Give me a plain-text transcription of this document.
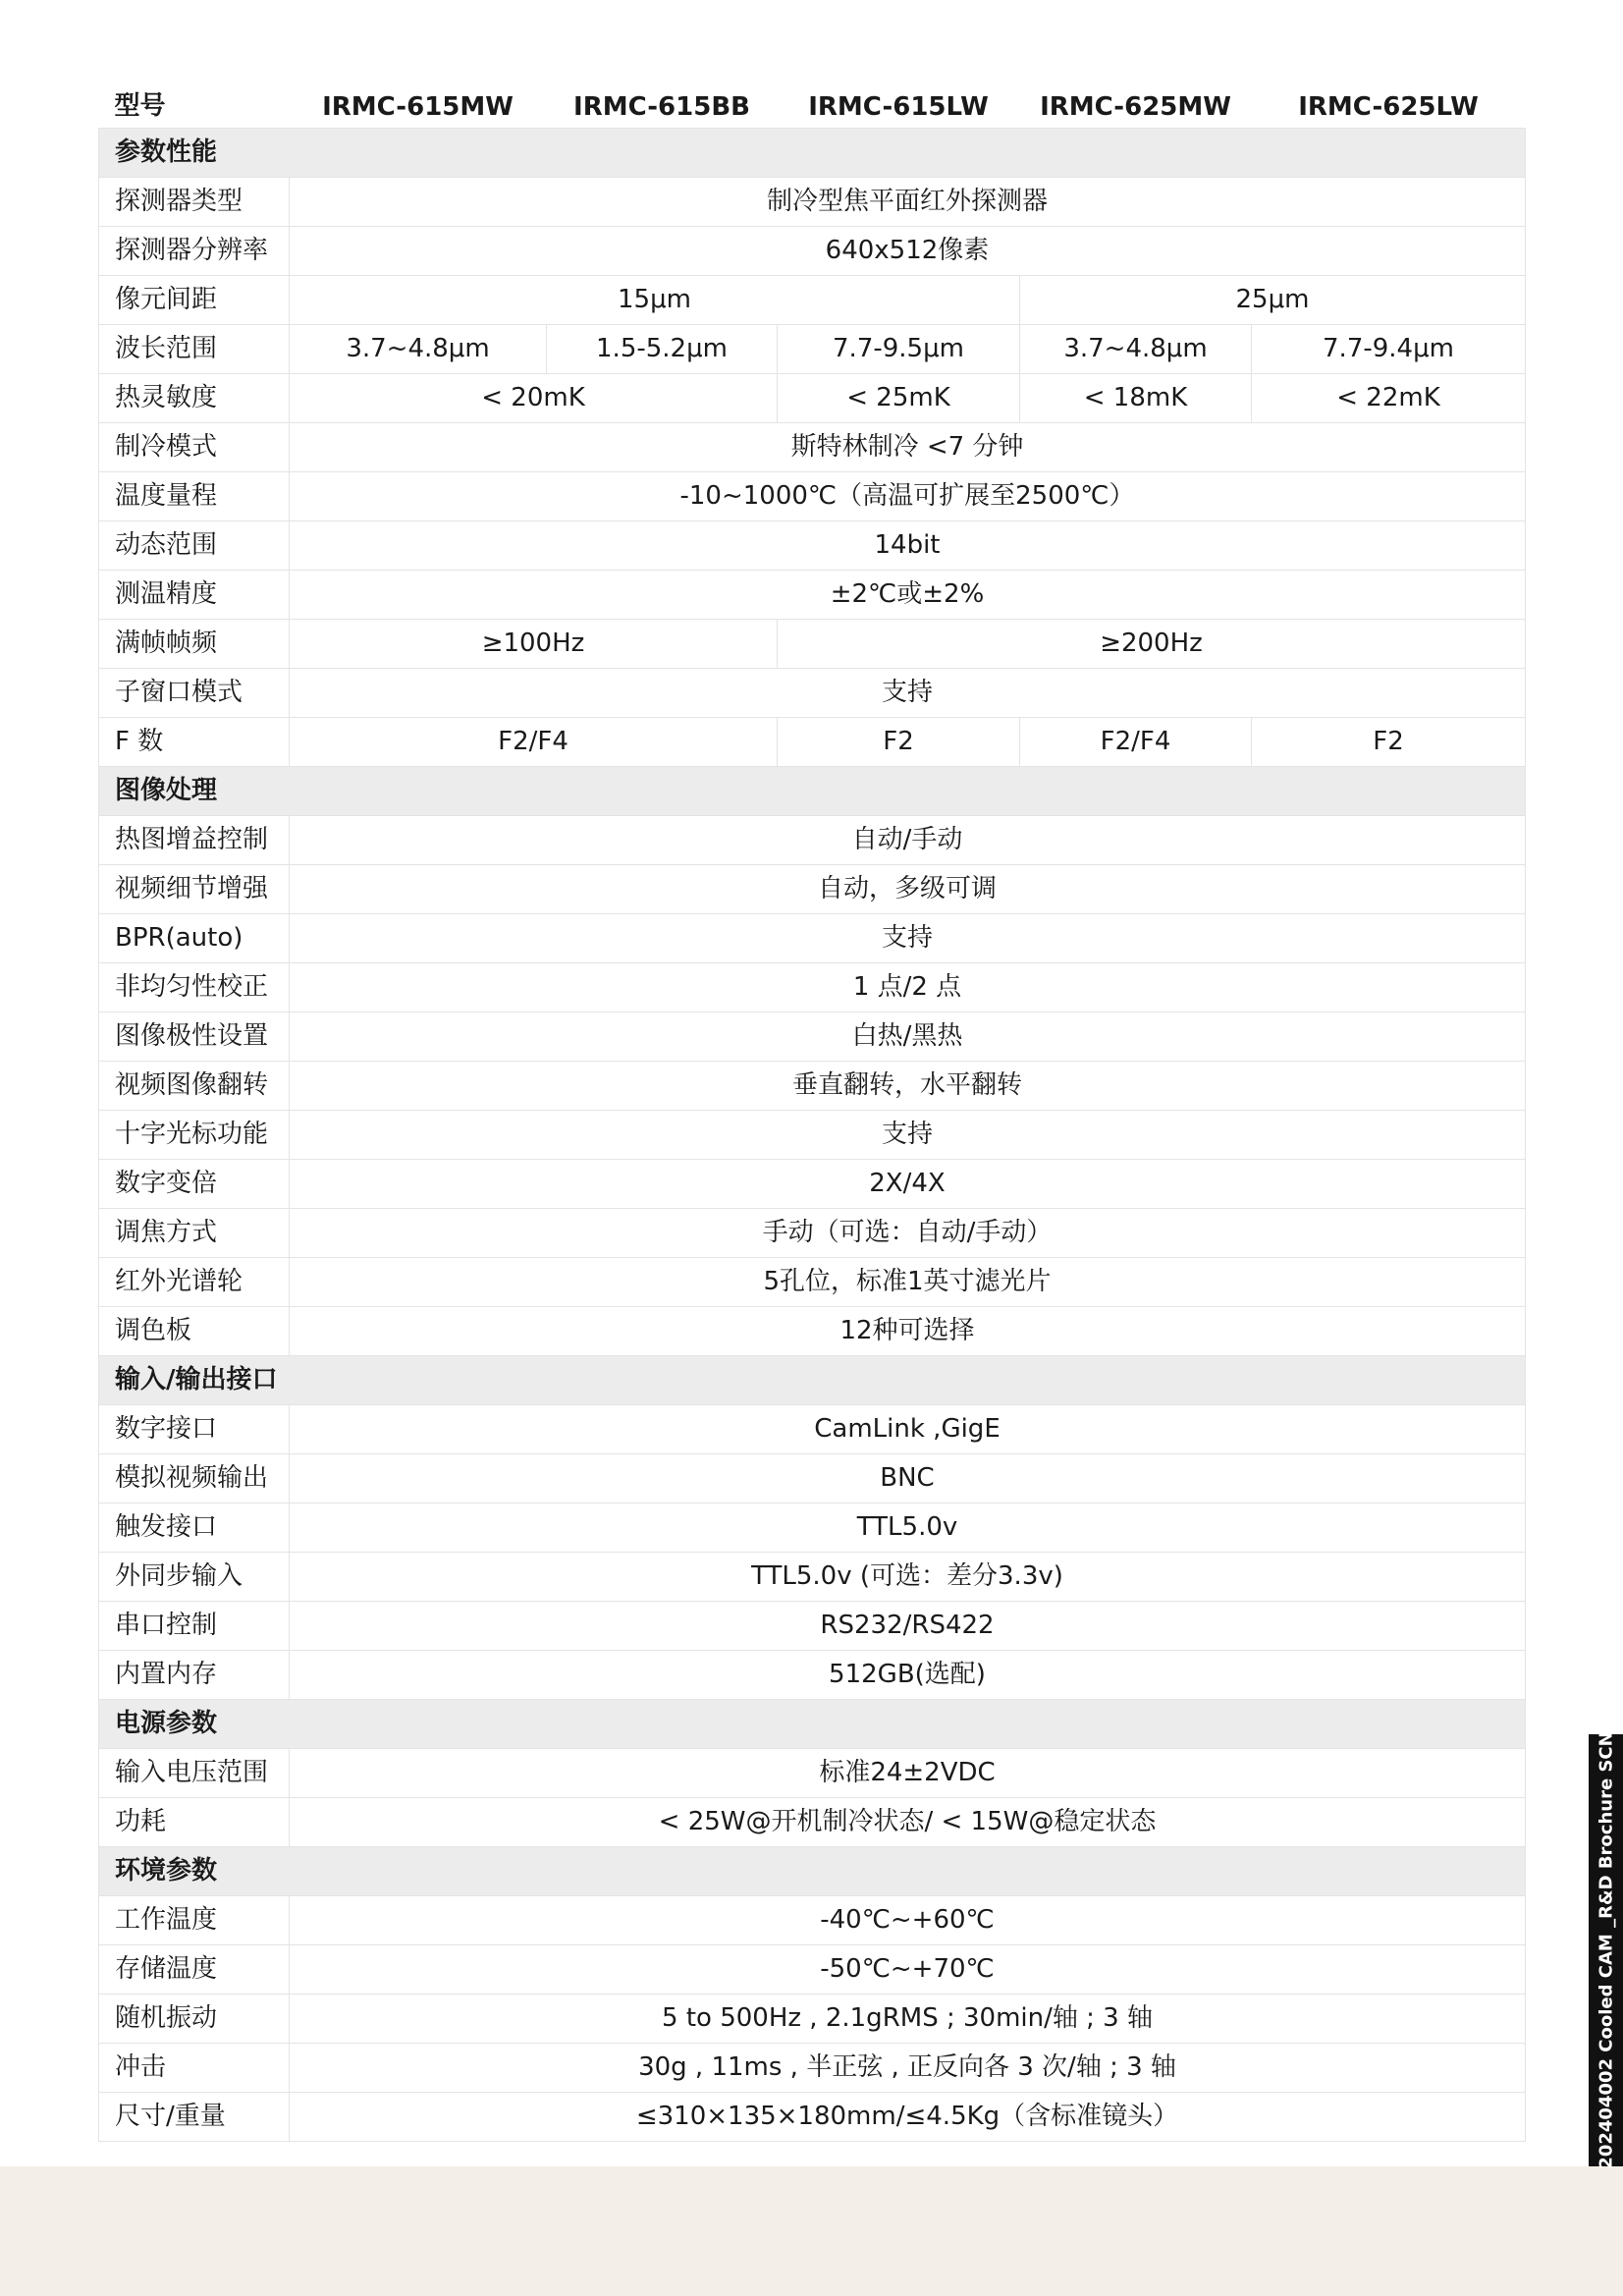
型号	IRMC-615MW	IRMC-615BB	IRMC-615LW	IRMC-625MW	IRMC-625LW
参数性能					
探测器类型	制冷型焦平面红外探测器				
探测器分辨率	640x512像素				
像元间距	15μm			25μm	
波长范围	3.7~4.8μm	1.5-5.2μm	7.7-9.5μm	3.7~4.8μm	7.7-9.4μm
热灵敏度	< 20mK		< 25mK	< 18mK	< 22mK
制冷模式	斯特林制冷 <7 分钟				
温度量程	-10~1000℃（高温可扩展至2500℃）				
动态范围	14bit				
测温精度	±2℃或±2%				
满帧帧频	≥100Hz		≥200Hz		
子窗口模式	支持				
F 数	F2/F4		F2	F2/F4	F2
图像处理					
热图增益控制	自动/手动				
视频细节增强	自动，多级可调				
BPR(auto)	支持				
非均匀性校正	1 点/2 点				
图像极性设置	白热/黑热				
视频图像翻转	垂直翻转，水平翻转				
十字光标功能	支持				
数字变倍	2X/4X				
调焦方式	手动（可选：自动/手动）				
红外光谱轮	5孔位，标准1英寸滤光片				
调色板	12种可选择				
输入/输出接口					
数字接口	CamLink ,GigE				
模拟视频输出	BNC				
触发接口	TTL5.0v				
外同步输入	TTL5.0v (可选：差分3.3v)				
串口控制	RS232/RS422				
内置内存	512GB(选配)				
电源参数					
输入电压范围	标准24±2VDC				
功耗	< 25W@开机制冷状态/ < 15W@稳定状态				
环境参数					
工作温度	-40℃~+60℃				
存储温度	-50℃~+70℃				
随机振动	5 to 500Hz , 2.1gRMS ; 30min/轴 ; 3 轴				
冲击	30g , 11ms , 半正弦 , 正反向各 3 次/轴 ; 3 轴				
尺寸/重量	≤310×135×180mm/≤4.5Kg（含标准镜头）					202404002 Cooled CAM _R&D Brochure SCN
